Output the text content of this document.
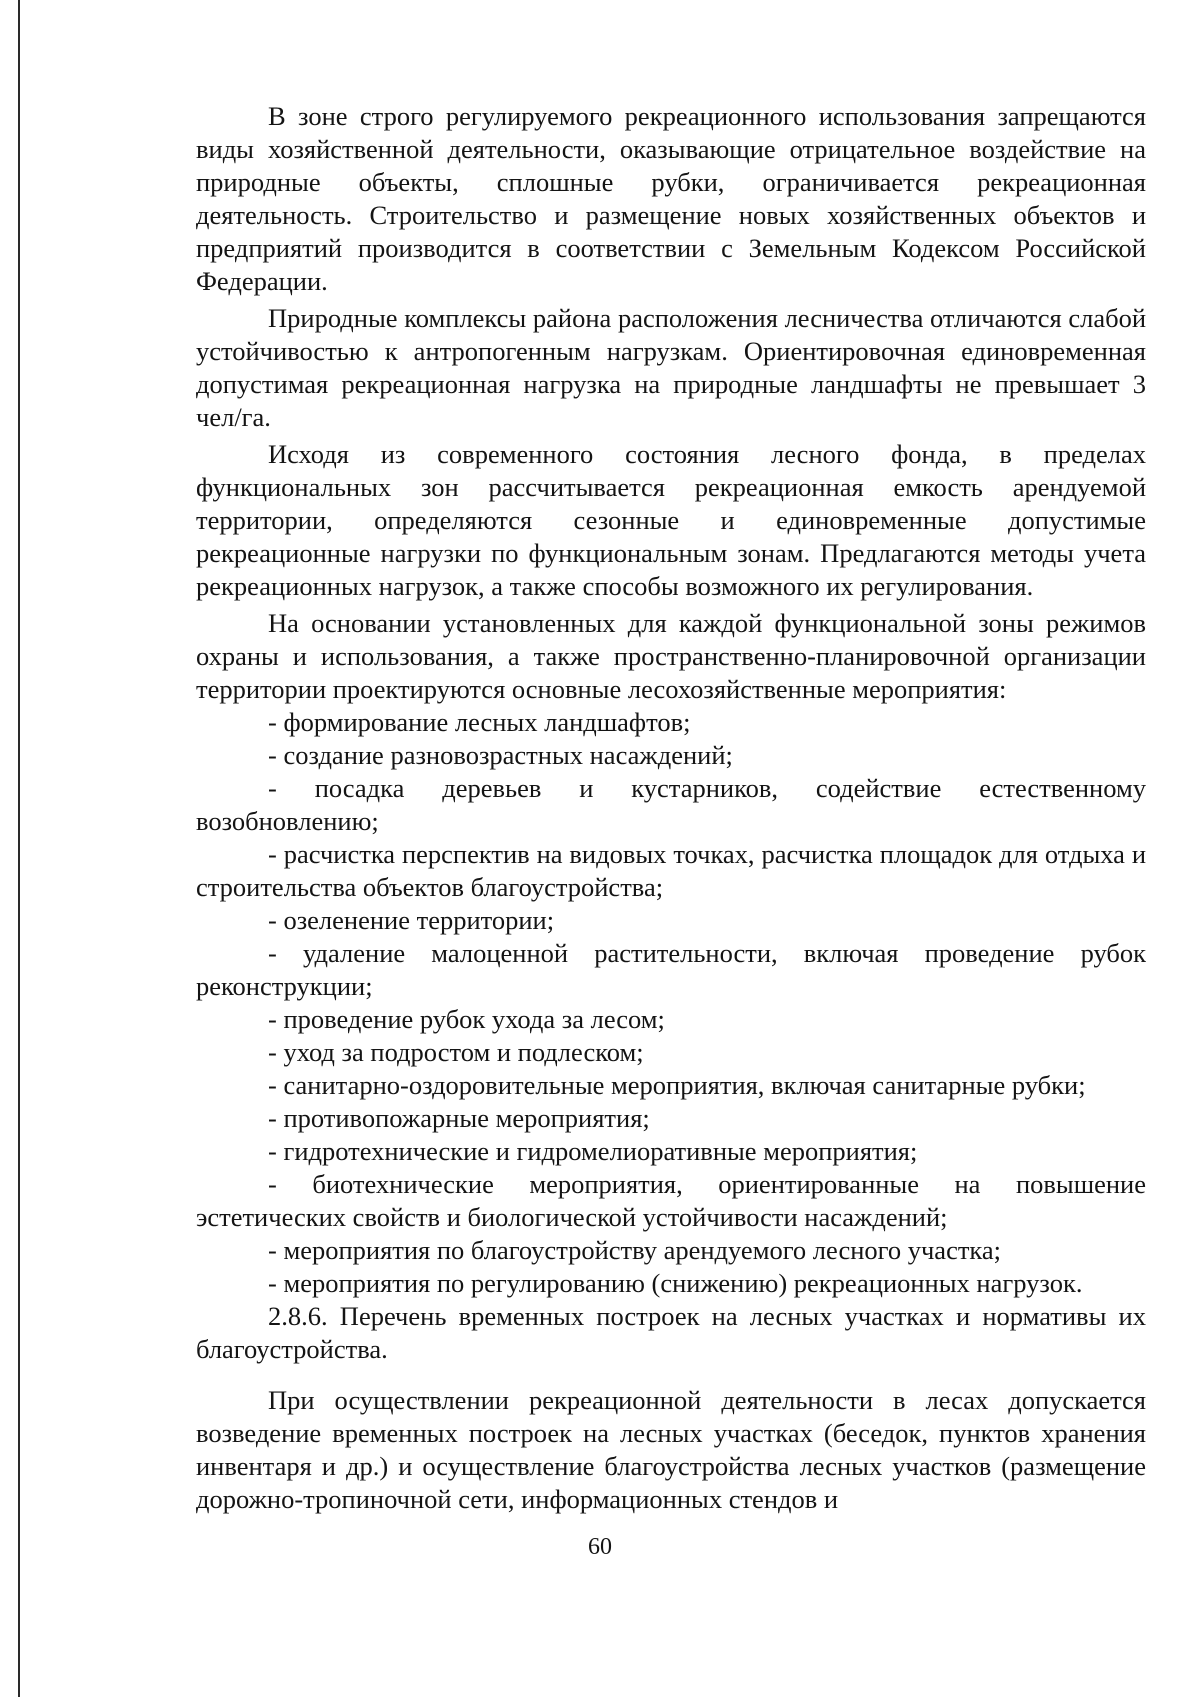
В зоне строго регулируемого рекреационного использования запрещаются виды хозяйственной деятельности, оказывающие отрицательное воздействие на природные объекты, сплошные рубки, ограничивается рекреационная деятельность. Строительство и размещение новых хозяйственных объектов и предприятий производится в соответствии с Земельным Кодексом Российской Федерации.

Природные комплексы района расположения лесничества отличаются слабой устойчивостью к антропогенным нагрузкам. Ориентировочная единовременная допустимая рекреационная нагрузка на природные ландшафты не превышает 3 чел/га.

Исходя из современного состояния лесного фонда, в пределах функциональных зон рассчитывается рекреационная емкость арендуемой территории, определяются сезонные и единовременные допустимые рекреационные нагрузки по функциональным зонам. Предлагаются методы учета рекреационных нагрузок, а также способы возможного их регулирования.

На основании установленных для каждой функциональной зоны режимов охраны и использования, а также пространственно-планировочной организации территории проектируются основные лесохозяйственные мероприятия:

- формирование лесных ландшафтов;

- создание разновозрастных насаждений;

- посадка деревьев и кустарников, содействие естественному возобновлению;

- расчистка перспектив на видовых точках, расчистка площадок для отдыха и строительства объектов благоустройства;

- озеленение территории;

- удаление малоценной растительности, включая проведение рубок реконструкции;

- проведение рубок ухода за лесом;

- уход за подростом и подлеском;

- санитарно-оздоровительные мероприятия, включая санитарные рубки;

- противопожарные мероприятия;

- гидротехнические и гидромелиоративные мероприятия;

- биотехнические мероприятия, ориентированные на повышение эстетических свойств и биологической устойчивости насаждений;

- мероприятия по благоустройству арендуемого лесного участка;

- мероприятия по регулированию (снижению) рекреационных нагрузок.

2.8.6. Перечень временных построек на лесных участках и нормативы их благоустройства.

При осуществлении рекреационной деятельности в лесах допускается возведение временных построек на лесных участках (беседок, пунктов хранения инвентаря и др.) и осуществление благоустройства лесных участков (размещение дорожно-тропиночной сети, информационных стендов и

60
